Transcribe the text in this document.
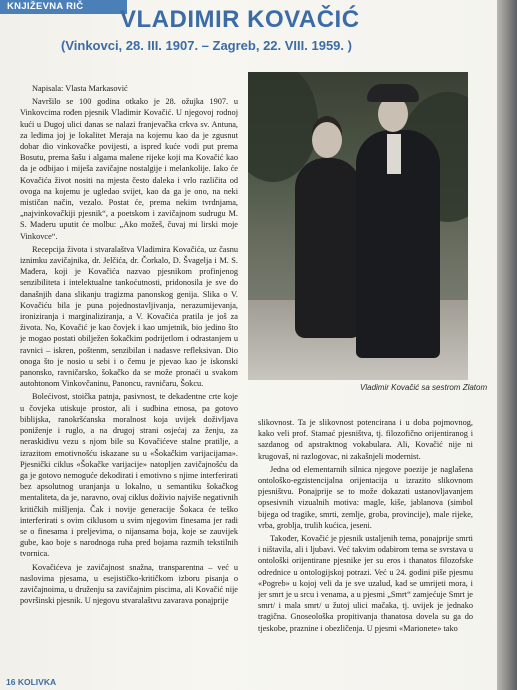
KNJIŽEVNA RIČ	VLADIMIR KOVAČIĆ
(Vinkovci, 28. III. 1907. – Zagreb, 22. VIII. 1959. )

Napisala: Vlasta Markasović

Navršilo se 100 godina otkako je 28. ožujka 1907. u Vinkovcima rođen pjesnik Vladimir Kovačić. U njegovoj rodnoj kući u Dugoj ulici danas se nalazi franjevačka crkva sv. Antuna, za leđima joj je lokalitet Meraja na kojemu kao da je zgusnut dobar dio vinkovačke povijesti, a ispred kuće vodi put prema Bosutu, prema šašu i algama malene rijeke koji ma Kovačić kao da je odbijao i miješa zavičajne nostalgije i melankolije. Iako će Kovačića život nositi na mjesta često daleka i vrlo različita od ovoga na kojemu je ugledao svijet, kao da ga je ono, na neki mističan način, vezalo. Postat će, prema nekim tvrdnjama, „najvinkovačkiji pjesnik“, a poetskom i zavičajnom sudrugu M. S. Maderu uputit će molbu: „Ako možeš, čuvaj mi lirski moje Vinkovce“.

Recepcija života i stvaralaštva Vladimira Kovačića, uz časnu iznimku zavičajnika, dr. Jelčića, dr. Čorkalo, D. Švagelja i M. S. Mađera, koji je Kovačića nazvao pjesnikom profinjenog senzibiliteta i intelektualne tankoćutnosti, pridonosila je sve do današnjih dana slikanju tragizma panonskog genija. Slika o V. Kovačiću bila je puna pojednostavljivanja, nerazumijevanja, ironiziranja i marginaliziranja, a V. Kovačića pratila je još za života. No, Kovačić je kao čovjek i kao umjetnik, bio jedino što je mogao postati obilježen šokačkim podrijetlom i odrastanjem u ravnici – iskren, poštenm, senzibilan i nadasve refleksivan. Dio onoga što je nosio u sebi i o čemu je pjevao kao je iskonski panonsko, ravničarsko, šokačko da se može pronaći u svakom autohtonom Vinkovčaninu, Panoncu, ravničaru, Šokcu.

Bolećivost, stoička patnja, pasivnost, te dekadentne crte koje u čovjeka utiskuje prostor, ali i sudbina etnosa, pa gotovo biblijska, ranokršćanska moralnost koja uvijek doživljava poniženje i ruglo, a na drugoj strani osjećaj za ženju, za neraskidivu vezu s njom bile su Kovačićeve stalne pratilje, a izrazitom emotivnošću iskazane su u «Šokačkim varijacijama». Pjesnički ciklus «Šokačke varijacije» natopljen zavičajnošću da ga je gotovo nemoguće dekodirati i emotivno s njime interferirati bez apsolutnog uranjanja u lokalno, u semantiku šokačkog mentaliteta, da je, naravno, ovaj ciklus doživio najviše negativnih kritičkih mišljenja. Čak i novije generacije Šokaca će teško interferirati s ovim ciklusom u svim njegovim finesama jer radi se o finesama i preljevima, o nijansama boja, koje se zauvijek gube, kao boje s narodnoga ruha pred bojama razmih tekstilnih tvornica.

Kovačićeva je zavičajnost snažna, transparentna – već u naslovima pjesama, u esejističko-kritičkom izboru pisanja o zavičajnoima, u druženju sa zavičajnim piscima, ali Kovačić nije površinski pjesnik. U njegovu stvaralaštvu zavarava ponajprije

Vladimir Kovačić sa sestrom Zlatom

slikovnost. Ta je slikovnost potencirana i u doba pojmovnog, kako veli prof. Stamać pjesništva, tj. filozofično orijentiranog i sazdanog od apstraktnog vokabulara. Ali, Kovačić nije ni krugovaš, ni razlogovac, ni zakašnjeli modernist.

Jedna od elementarnih silnica njegove poezije je naglašena ontološko-egzistencijalna orijentacija u izrazito slikovnom pjesništvu. Ponajprije se to može dokazati ustanovljavanjem opsesivnih vizualnih motiva: magle, kiše, jablanova (simbol bijega od tragike, smrti, zemlje, groba, provincije), male rijeke, vrba, groblja, trulih kućica, jeseni.

Također, Kovačić je pjesnik ustaljenih tema, ponajprije smrti i ništavila, ali i ljubavi. Već takvim odabirom tema se svrstava u ontološki orijentirane pjesnike jer su eros i thanatos filozofske odrednice u ontologijskoj potrazi. Već u 24. godini piše pjesmu «Pogreb» u kojoj veli da je sve uzalud, kad se umrijeti mora, i jer smrt je u srcu i venama, a u pjesmi „Smrt“ zamjećuje Smrt je smrt/ i mala smrt/ u žutoj ulici mačaka, tj. uvijek je jednako tragična. Gnoseološka propitivanja thanatosa dovela su ga do tjeskobe, praznine i obezličenja. U pjesmi «Marionete» tako

16 KOLIVKA
